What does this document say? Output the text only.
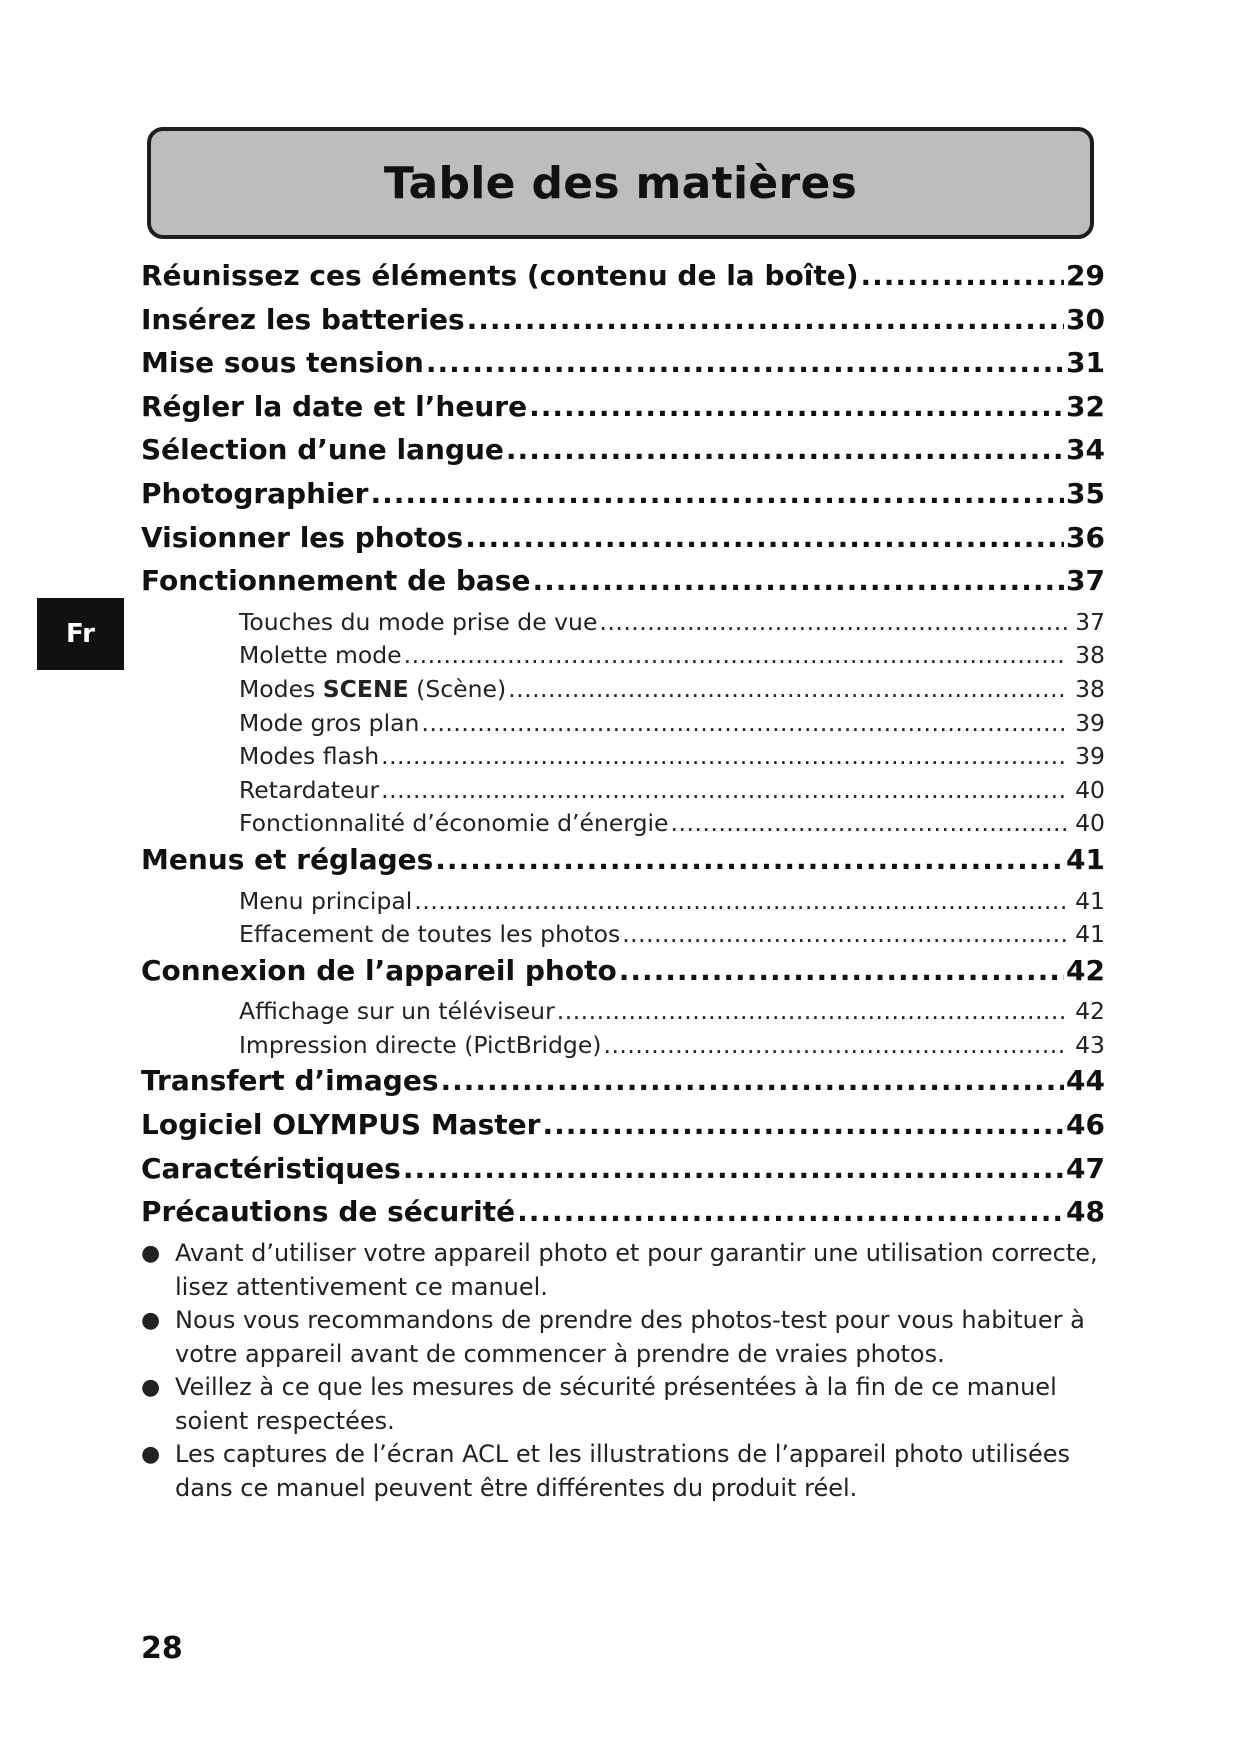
Table des matières
Fr
Réunissez ces éléments (contenu de la boîte) .....	29
Insérez les batteries .....	30
Mise sous tension .....	31
Régler la date et l’heure .....	32
Sélection d’une langue .....	34
Photographier .....	35
Visionner les photos .....	36
Fonctionnement de base .....	37
Touches du mode prise de vue .....	37
Molette mode .....	38
Modes SCENE (Scène) .....	38
Mode gros plan .....	39
Modes flash .....	39
Retardateur .....	40
Fonctionnalité d’économie d’énergie .....	40
Menus et réglages .....	41
Menu principal .....	41
Effacement de toutes les photos .....	41
Connexion de l’appareil photo .....	42
Affichage sur un téléviseur .....	42
Impression directe (PictBridge) .....	43
Transfert d’images .....	44
Logiciel OLYMPUS Master .....	46
Caractéristiques .....	47
Précautions de sécurité .....	48
● Avant d’utiliser votre appareil photo et pour garantir une utilisation correcte, lisez attentivement ce manuel.
● Nous vous recommandons de prendre des photos-test pour vous habituer à votre appareil avant de commencer à prendre de vraies photos.
● Veillez à ce que les mesures de sécurité présentées à la fin de ce manuel soient respectées.
● Les captures de l’écran ACL et les illustrations de l’appareil photo utilisées dans ce manuel peuvent être différentes du produit réel.
28
